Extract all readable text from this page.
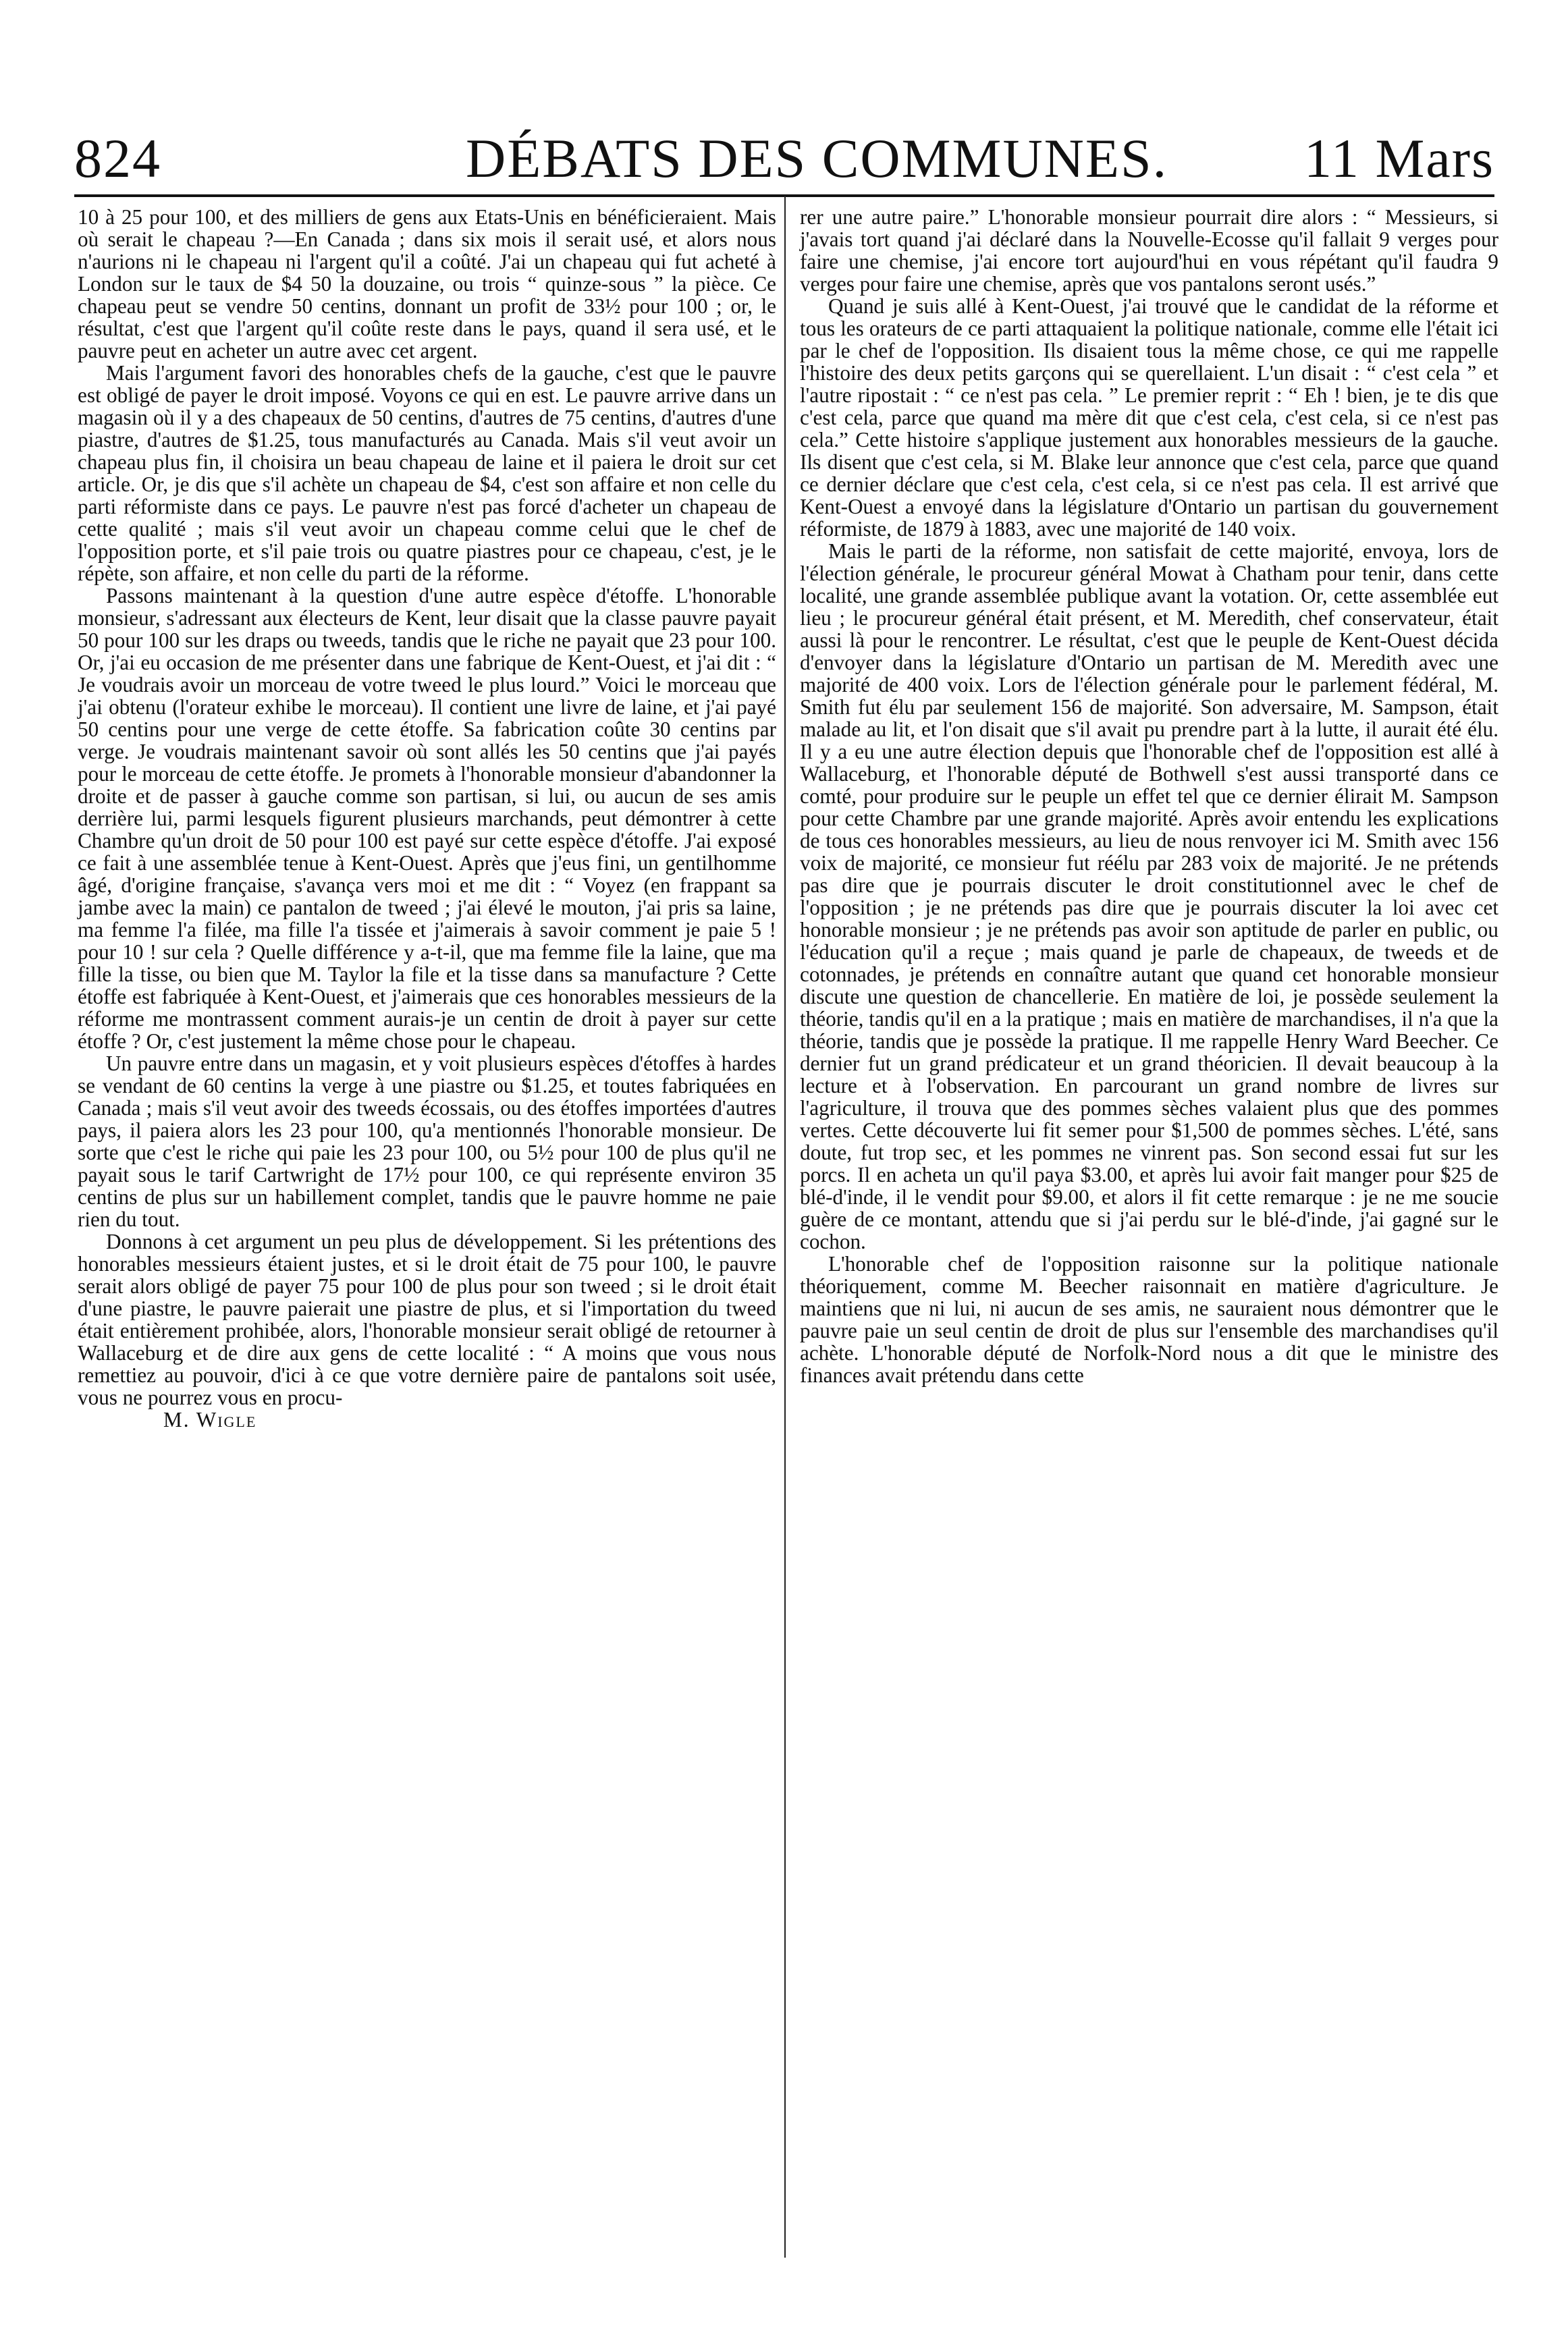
824	DÉBATS DES COMMUNES. 11 Mars

10 à 25 pour 100, et des milliers de gens aux Etats-Unis en bénéficieraient. Mais où serait le chapeau ?—En Canada ; dans six mois il serait usé, et alors nous n'aurions ni le chapeau ni l'argent qu'il a coûté. J'ai un chapeau qui fut acheté à London sur le taux de $4 50 la douzaine, ou trois “ quinze-sous ” la pièce. Ce chapeau peut se vendre 50 centins, donnant un profit de 33½ pour 100 ; or, le résultat, c'est que l'argent qu'il coûte reste dans le pays, quand il sera usé, et le pauvre peut en acheter un autre avec cet argent.

Mais l'argument favori des honorables chefs de la gauche, c'est que le pauvre est obligé de payer le droit imposé. Voyons ce qui en est. Le pauvre arrive dans un magasin où il y a des chapeaux de 50 centins, d'autres de 75 centins, d'autres d'une piastre, d'autres de $1.25, tous manufacturés au Canada. Mais s'il veut avoir un chapeau plus fin, il choisira un beau chapeau de laine et il paiera le droit sur cet article. Or, je dis que s'il achète un chapeau de $4, c'est son affaire et non celle du parti réformiste dans ce pays. Le pauvre n'est pas forcé d'acheter un chapeau de cette qualité ; mais s'il veut avoir un chapeau comme celui que le chef de l'opposition porte, et s'il paie trois ou quatre piastres pour ce chapeau, c'est, je le répète, son affaire, et non celle du parti de la réforme.

Passons maintenant à la question d'une autre espèce d'étoffe. L'honorable monsieur, s'adressant aux électeurs de Kent, leur disait que la classe pauvre payait 50 pour 100 sur les draps ou tweeds, tandis que le riche ne payait que 23 pour 100. Or, j'ai eu occasion de me présenter dans une fabrique de Kent-Ouest, et j'ai dit : “ Je voudrais avoir un morceau de votre tweed le plus lourd.” Voici le morceau que j'ai obtenu (l'orateur exhibe le morceau). Il contient une livre de laine, et j'ai payé 50 centins pour une verge de cette étoffe. Sa fabrication coûte 30 centins par verge. Je voudrais maintenant savoir où sont allés les 50 centins que j'ai payés pour le morceau de cette étoffe. Je promets à l'honorable monsieur d'abandonner la droite et de passer à gauche comme son partisan, si lui, ou aucun de ses amis derrière lui, parmi lesquels figurent plusieurs marchands, peut démontrer à cette Chambre qu'un droit de 50 pour 100 est payé sur cette espèce d'étoffe. J'ai exposé ce fait à une assemblée tenue à Kent-Ouest. Après que j'eus fini, un gentilhomme âgé, d'origine française, s'avança vers moi et me dit : “ Voyez (en frappant sa jambe avec la main) ce pantalon de tweed ; j'ai élevé le mouton, j'ai pris sa laine, ma femme l'a filée, ma fille l'a tissée et j'aimerais à savoir comment je paie 5 ! pour 10 ! sur cela ? Quelle différence y a-t-il, que ma femme file la laine, que ma fille la tisse, ou bien que M. Taylor la file et la tisse dans sa manufacture ? Cette étoffe est fabriquée à Kent-Ouest, et j'aimerais que ces honorables messieurs de la réforme me montrassent comment aurais-je un centin de droit à payer sur cette étoffe ? Or, c'est justement la même chose pour le chapeau.

Un pauvre entre dans un magasin, et y voit plusieurs espèces d'étoffes à hardes se vendant de 60 centins la verge à une piastre ou $1.25, et toutes fabriquées en Canada ; mais s'il veut avoir des tweeds écossais, ou des étoffes importées d'autres pays, il paiera alors les 23 pour 100, qu'a mentionnés l'honorable monsieur. De sorte que c'est le riche qui paie les 23 pour 100, ou 5½ pour 100 de plus qu'il ne payait sous le tarif Cartwright de 17½ pour 100, ce qui représente environ 35 centins de plus sur un habillement complet, tandis que le pauvre homme ne paie rien du tout.

Donnons à cet argument un peu plus de développement. Si les prétentions des honorables messieurs étaient justes, et si le droit était de 75 pour 100, le pauvre serait alors obligé de payer 75 pour 100 de plus pour son tweed ; si le droit était d'une piastre, le pauvre paierait une piastre de plus, et si l'importation du tweed était entièrement prohibée, alors, l'honorable monsieur serait obligé de retourner à Wallaceburg et de dire aux gens de cette localité : “ A moins que vous nous remettiez au pouvoir, d'ici à ce que votre dernière paire de pantalons soit usée, vous ne pourrez vous en procu-

M. Wigle

rer une autre paire.” L'honorable monsieur pourrait dire alors : “ Messieurs, si j'avais tort quand j'ai déclaré dans la Nouvelle-Ecosse qu'il fallait 9 verges pour faire une chemise, j'ai encore tort aujourd'hui en vous répétant qu'il faudra 9 verges pour faire une chemise, après que vos pantalons seront usés.”

Quand je suis allé à Kent-Ouest, j'ai trouvé que le candidat de la réforme et tous les orateurs de ce parti attaquaient la politique nationale, comme elle l'était ici par le chef de l'opposition. Ils disaient tous la même chose, ce qui me rappelle l'histoire des deux petits garçons qui se querellaient. L'un disait : “ c'est cela ” et l'autre ripostait : “ ce n'est pas cela. ” Le premier reprit : “ Eh ! bien, je te dis que c'est cela, parce que quand ma mère dit que c'est cela, c'est cela, si ce n'est pas cela.” Cette histoire s'applique justement aux honorables messieurs de la gauche. Ils disent que c'est cela, si M. Blake leur annonce que c'est cela, parce que quand ce dernier déclare que c'est cela, c'est cela, si ce n'est pas cela. Il est arrivé que Kent-Ouest a envoyé dans la législature d'Ontario un partisan du gouvernement réformiste, de 1879 à 1883, avec une majorité de 140 voix.

Mais le parti de la réforme, non satisfait de cette majorité, envoya, lors de l'élection générale, le procureur général Mowat à Chatham pour tenir, dans cette localité, une grande assemblée publique avant la votation. Or, cette assemblée eut lieu ; le procureur général était présent, et M. Meredith, chef conservateur, était aussi là pour le rencontrer. Le résultat, c'est que le peuple de Kent-Ouest décida d'envoyer dans la législature d'Ontario un partisan de M. Meredith avec une majorité de 400 voix. Lors de l'élection générale pour le parlement fédéral, M. Smith fut élu par seulement 156 de majorité. Son adversaire, M. Sampson, était malade au lit, et l'on disait que s'il avait pu prendre part à la lutte, il aurait été élu. Il y a eu une autre élection depuis que l'honorable chef de l'opposition est allé à Wallaceburg, et l'honorable député de Bothwell s'est aussi transporté dans ce comté, pour produire sur le peuple un effet tel que ce dernier élirait M. Sampson pour cette Chambre par une grande majorité. Après avoir entendu les explications de tous ces honorables messieurs, au lieu de nous renvoyer ici M. Smith avec 156 voix de majorité, ce monsieur fut réélu par 283 voix de majorité. Je ne prétends pas dire que je pourrais discuter le droit constitutionnel avec le chef de l'opposition ; je ne prétends pas dire que je pourrais discuter la loi avec cet honorable monsieur ; je ne prétends pas avoir son aptitude de parler en public, ou l'éducation qu'il a reçue ; mais quand je parle de chapeaux, de tweeds et de cotonnades, je prétends en connaître autant que quand cet honorable monsieur discute une question de chancellerie. En matière de loi, je possède seulement la théorie, tandis qu'il en a la pratique ; mais en matière de marchandises, il n'a que la théorie, tandis que je possède la pratique. Il me rappelle Henry Ward Beecher. Ce dernier fut un grand prédicateur et un grand théoricien. Il devait beaucoup à la lecture et à l'observation. En parcourant un grand nombre de livres sur l'agriculture, il trouva que des pommes sèches valaient plus que des pommes vertes. Cette découverte lui fit semer pour $1,500 de pommes sèches. L'été, sans doute, fut trop sec, et les pommes ne vinrent pas. Son second essai fut sur les porcs. Il en acheta un qu'il paya $3.00, et après lui avoir fait manger pour $25 de blé-d'inde, il le vendit pour $9.00, et alors il fit cette remarque : je ne me soucie guère de ce montant, attendu que si j'ai perdu sur le blé-d'inde, j'ai gagné sur le cochon.

L'honorable chef de l'opposition raisonne sur la politique nationale théoriquement, comme M. Beecher raisonnait en matière d'agriculture. Je maintiens que ni lui, ni aucun de ses amis, ne sauraient nous démontrer que le pauvre paie un seul centin de droit de plus sur l'ensemble des marchandises qu'il achète. L'honorable député de Norfolk-Nord nous a dit que le ministre des finances avait prétendu dans cette
